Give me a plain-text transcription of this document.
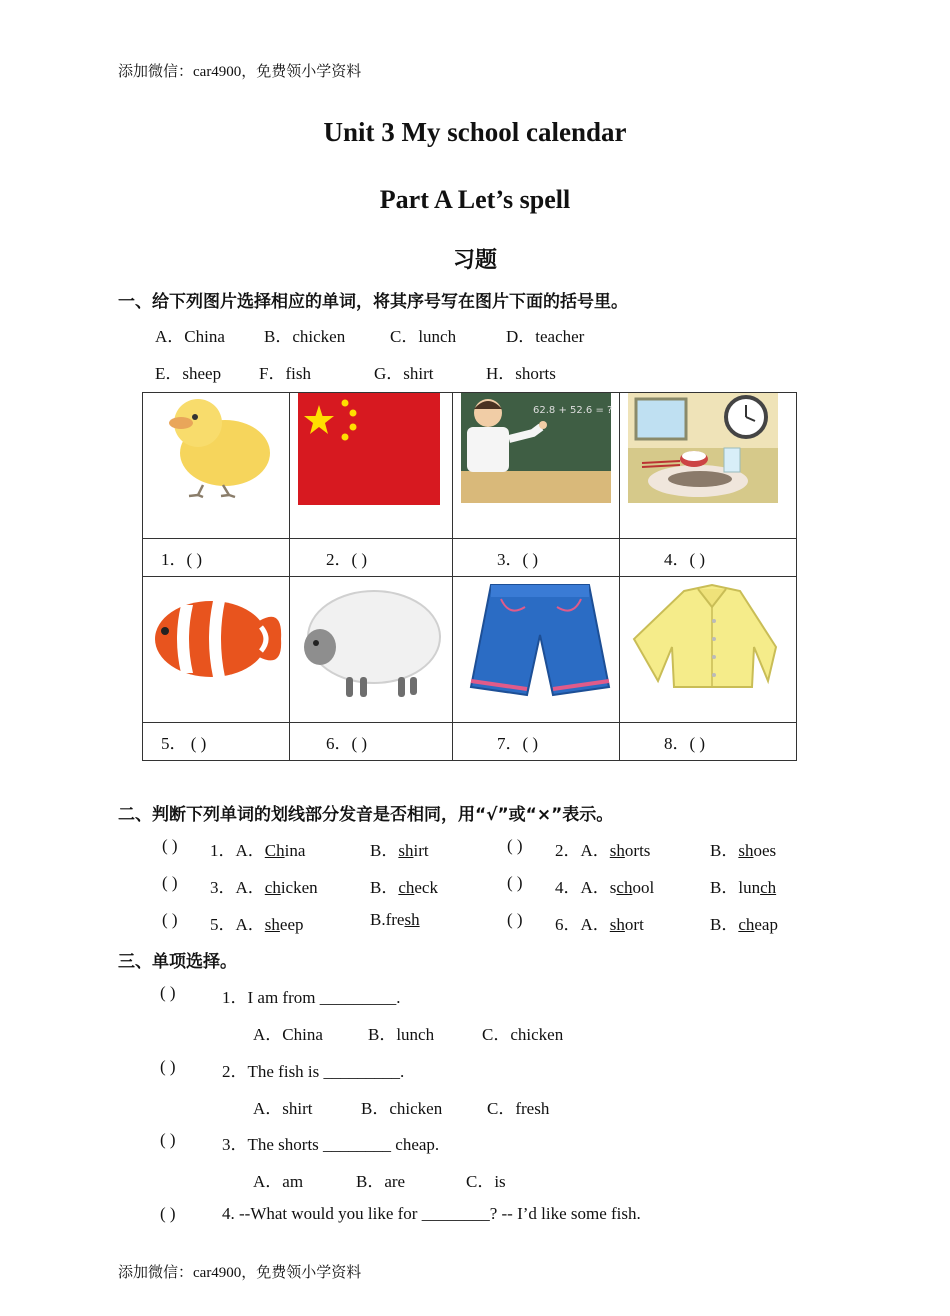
添加微信：car4900，免费领小学资料
Unit 3 My school calendar
Part A Let’s spell
习题
一、给下列图片选择相应的单词，将其序号写在图片下面的括号里。
A．China B．chicken	C．lunch	D．teacher
E．sheep F．fish	G．shirt	H．shorts

62.8 + 52.6 = ?

1．( )	2．( )	3．( )	4．( )

5． ( )	6．( )	7．( )	8．( )
二、判断下列单词的划线部分发音是否相同，用“√”或“×”表示。
( ) 1．A．China	B．shirt	( ) 2．A．shorts	B．shoes
( ) 3．A．chicken	B．check	( ) 4．A．school	B．lunch
( ) 5．A．sheep	B.fresh	( ) 6．A．short	B．cheap
三、单项选择。
( )	1．I am from _________.
A．China	B．lunch	C．chicken
( )	2．The fish is _________.
A．shirt	B．chicken	C．fresh
( )	3．The shorts ________ cheap.
A．am	B．are	C．is
( )	4. --What would you like for ________? -- I’d like some fish.
添加微信：car4900，免费领小学资料
